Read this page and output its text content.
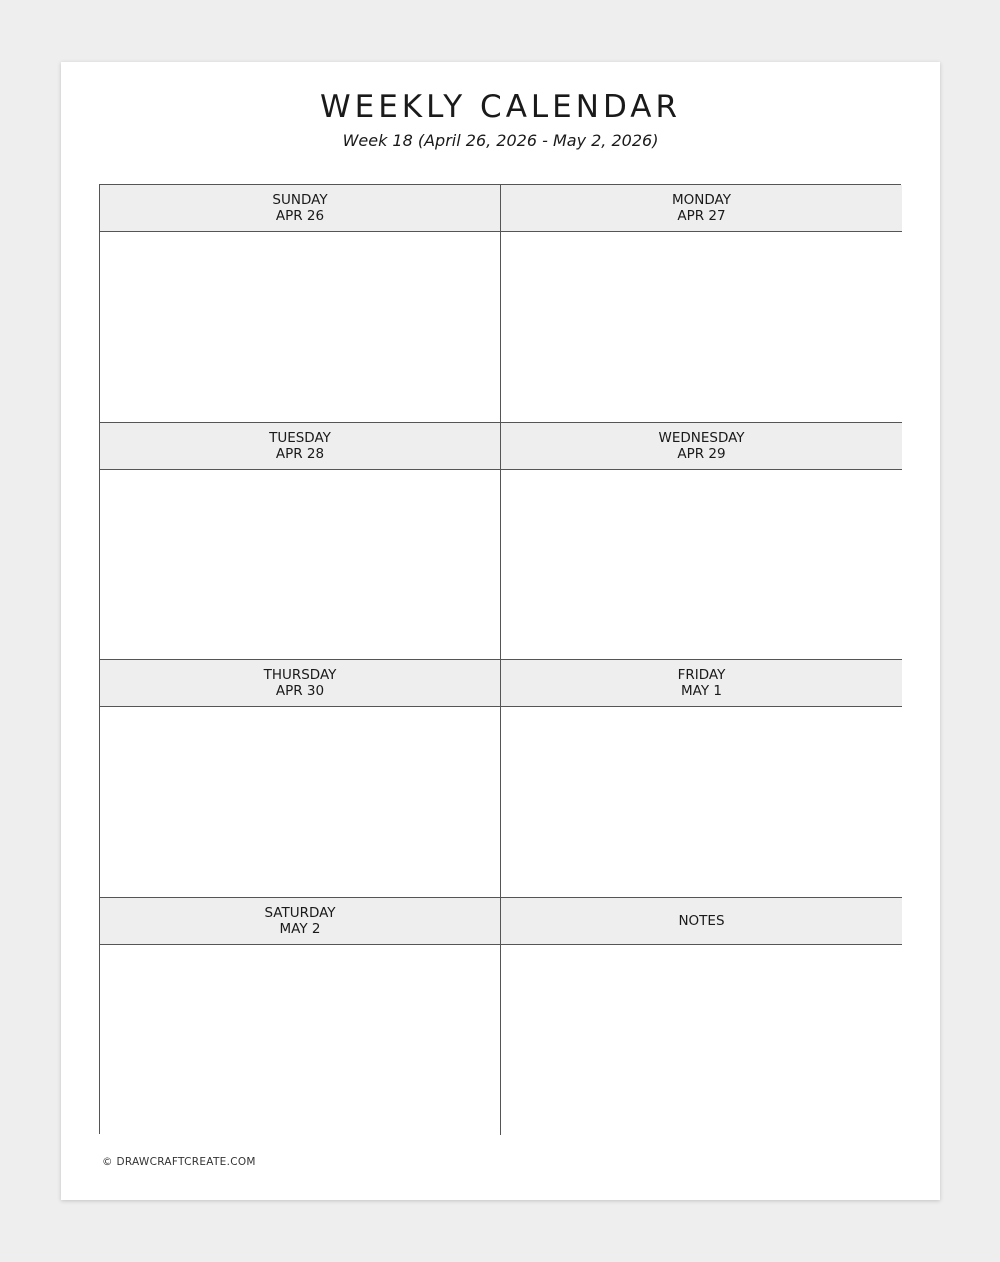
WEEKLY CALENDAR

Week 18 (April 26, 2026 - May 2, 2026)

SUNDAY
APR 26
MONDAY
APR 27
TUESDAY
APR 28
WEDNESDAY
APR 29
THURSDAY
APR 30
FRIDAY
MAY 1
SATURDAY
MAY 2	NOTES
© DRAWCRAFTCREATE.COM
